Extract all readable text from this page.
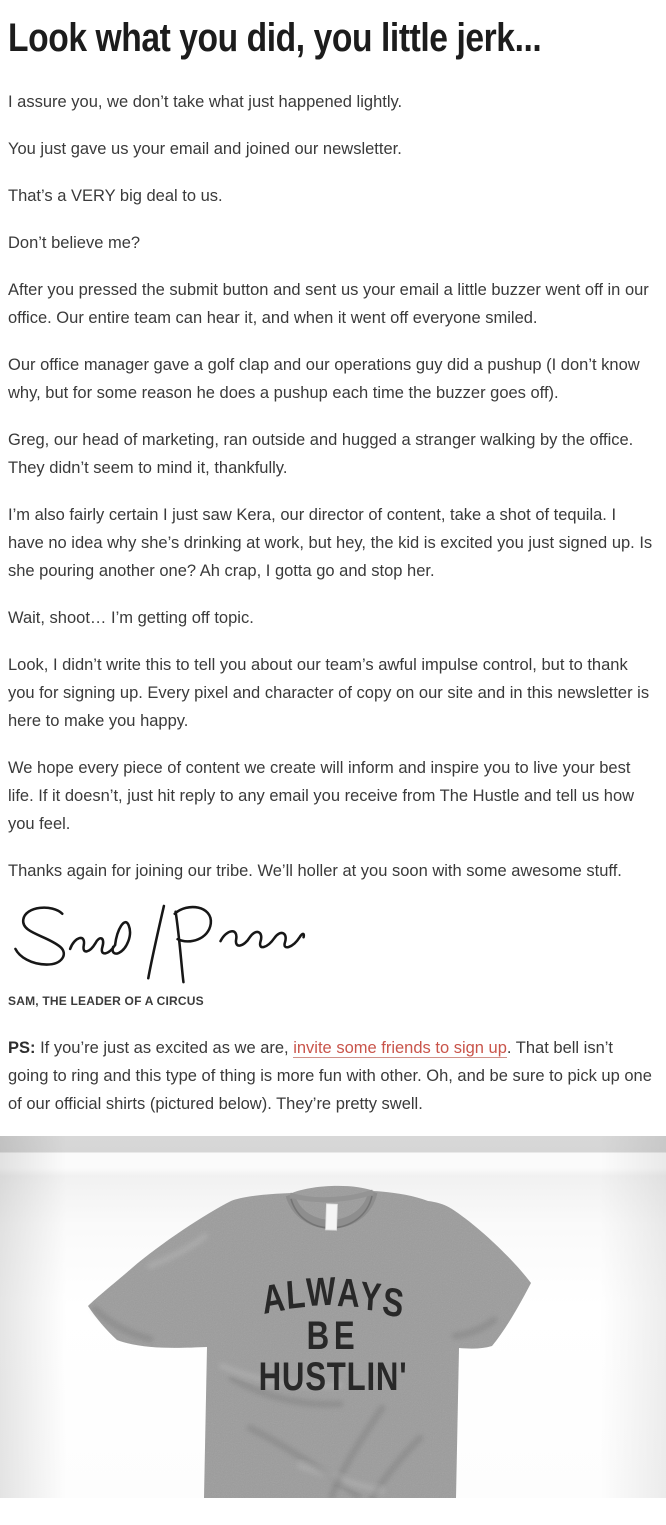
Look what you did, you little jerk...

I assure you, we don’t take what just happened lightly.

You just gave us your email and joined our newsletter.

That’s a VERY big deal to us.

Don’t believe me?

After you pressed the submit button and sent us your email a little buzzer went off in our office. Our entire team can hear it, and when it went off everyone smiled.

Our office manager gave a golf clap and our operations guy did a pushup (I don’t know why, but for some reason he does a pushup each time the buzzer goes off).

Greg, our head of marketing, ran outside and hugged a stranger walking by the office. They didn’t seem to mind it, thankfully.

I’m also fairly certain I just saw Kera, our director of content, take a shot of tequila. I have no idea why she’s drinking at work, but hey, the kid is excited you just signed up. Is she pouring another one? Ah crap, I gotta go and stop her.

Wait, shoot… I’m getting off topic.

Look, I didn’t write this to tell you about our team’s awful impulse control, but to thank you for signing up. Every pixel and character of copy on our site and in this newsletter is here to make you happy.

We hope every piece of content we create will inform and inspire you to live your best life. If it doesn’t, just hit reply to any email you receive from The Hustle and tell us how you feel.

Thanks again for joining our tribe. We’ll holler at you soon with some awesome stuff.

SAM, THE LEADER OF A CIRCUS

PS: If you’re just as excited as we are, invite some friends to sign up. That bell isn’t going to ring and this type of thing is more fun with other. Oh, and be sure to pick up one of our official shirts (pictured below). They’re pretty swell.

ALWAYS
BE
HUSTLIN'
